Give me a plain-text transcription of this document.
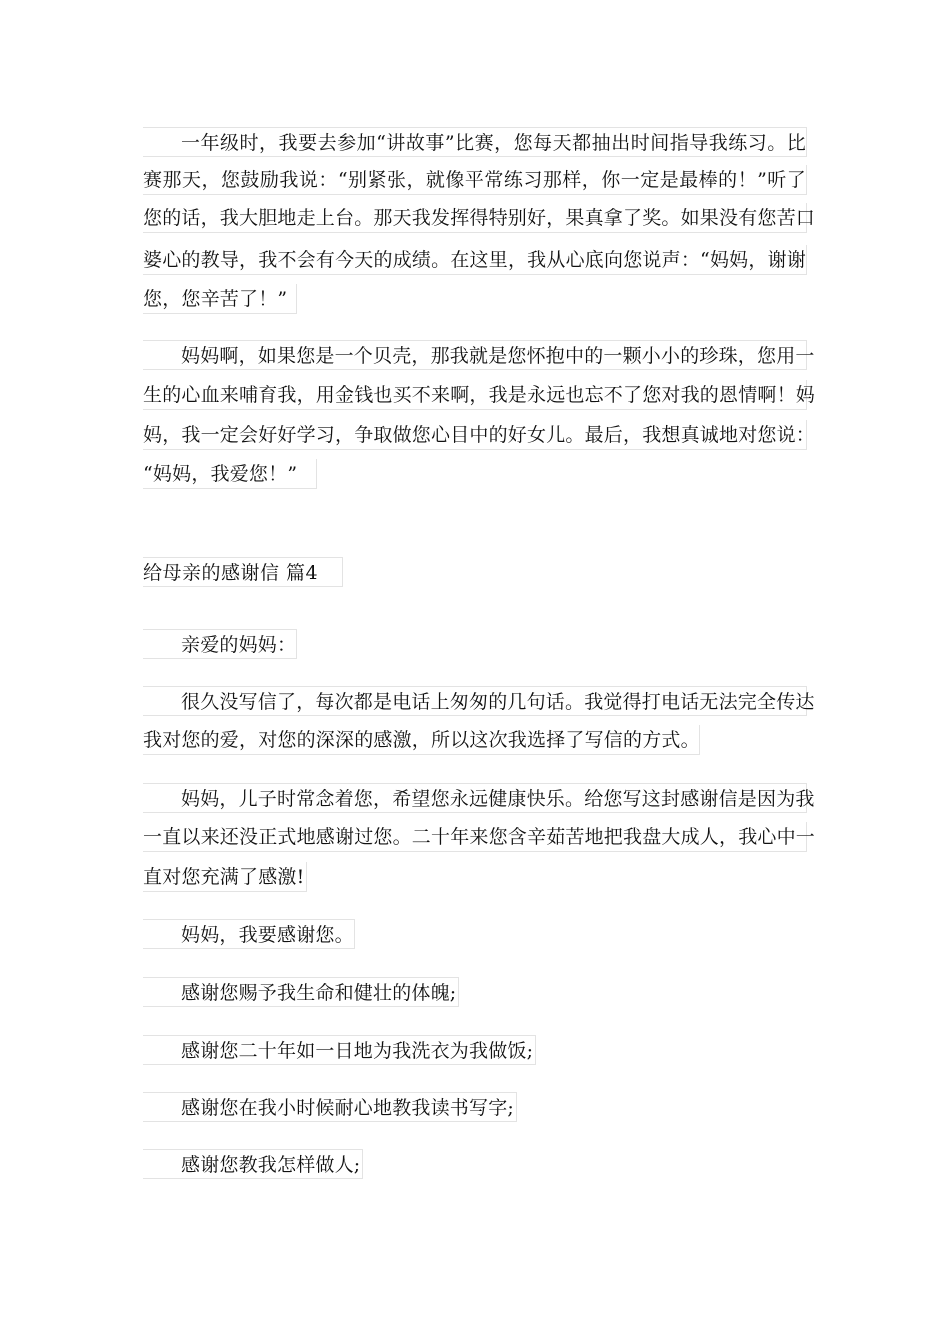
一年级时，我要去参加“讲故事”比赛，您每天都抽出时间指导我练习。比
赛那天，您鼓励我说：“别紧张，就像平常练习那样，你一定是最棒的！”听了
您的话，我大胆地走上台。那天我发挥得特别好，果真拿了奖。如果没有您苦口
婆心的教导，我不会有今天的成绩。在这里，我从心底向您说声：“妈妈，谢谢
您，您辛苦了！”
妈妈啊，如果您是一个贝壳，那我就是您怀抱中的一颗小小的珍珠，您用一
生的心血来哺育我，用金钱也买不来啊，我是永远也忘不了您对我的恩情啊！妈
妈，我一定会好好学习，争取做您心目中的好女儿。最后，我想真诚地对您说：
“妈妈，我爱您！”
给母亲的感谢信 篇4
亲爱的妈妈：
很久没写信了，每次都是电话上匆匆的几句话。我觉得打电话无法完全传达
我对您的爱，对您的深深的感激，所以这次我选择了写信的方式。
妈妈，儿子时常念着您，希望您永远健康快乐。给您写这封感谢信是因为我
一直以来还没正式地感谢过您。二十年来您含辛茹苦地把我盘大成人，我心中一
直对您充满了感激!
妈妈，我要感谢您。
感谢您赐予我生命和健壮的体魄;
感谢您二十年如一日地为我洗衣为我做饭;
感谢您在我小时候耐心地教我读书写字;
感谢您教我怎样做人;
